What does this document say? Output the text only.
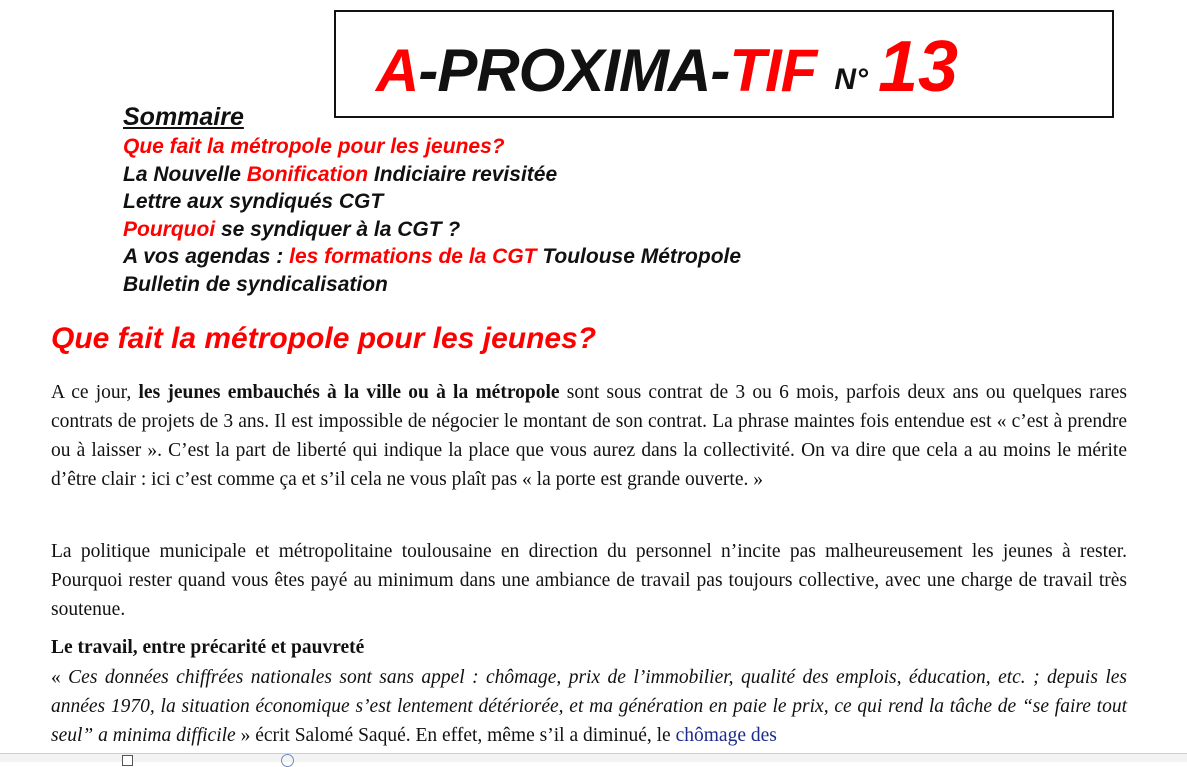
A-PROXIMA-TIF N° 13
Sommaire
Que fait la métropole pour les jeunes?
La Nouvelle Bonification Indiciaire revisitée
Lettre aux syndiqués CGT
Pourquoi se syndiquer à la CGT ?
A vos agendas : les formations de la CGT Toulouse Métropole
Bulletin de syndicalisation
Que fait la métropole pour les jeunes?

A ce jour, les jeunes embauchés à la ville ou à la métropole sont sous contrat de 3 ou 6 mois, parfois deux ans ou quelques rares contrats de projets de 3 ans. Il est impossible de négocier le montant de son contrat. La phrase maintes fois entendue est « c’est à prendre ou à laisser ». C’est la part de liberté qui indique la place que vous aurez dans la collectivité. On va dire que cela a au moins le mérite d’être clair : ici c’est comme ça et s’il cela ne vous plaît pas « la porte est grande ouverte. »

La politique municipale et métropolitaine toulousaine en direction du personnel n’incite pas malheureusement les jeunes à rester. Pourquoi rester quand vous êtes payé au minimum dans une ambiance de travail pas toujours collective, avec une charge de travail très soutenue.

Le travail, entre précarité et pauvreté

« Ces données chiffrées nationales sont sans appel : chômage, prix de l’immobilier, qualité des emplois, éducation, etc. ; depuis les années 1970, la situation économique s’est lentement détériorée, et ma génération en paie le prix, ce qui rend la tâche de “se faire tout seul” a minima difficile » écrit Salomé Saqué. En effet, même s’il a diminué, le chômage des
